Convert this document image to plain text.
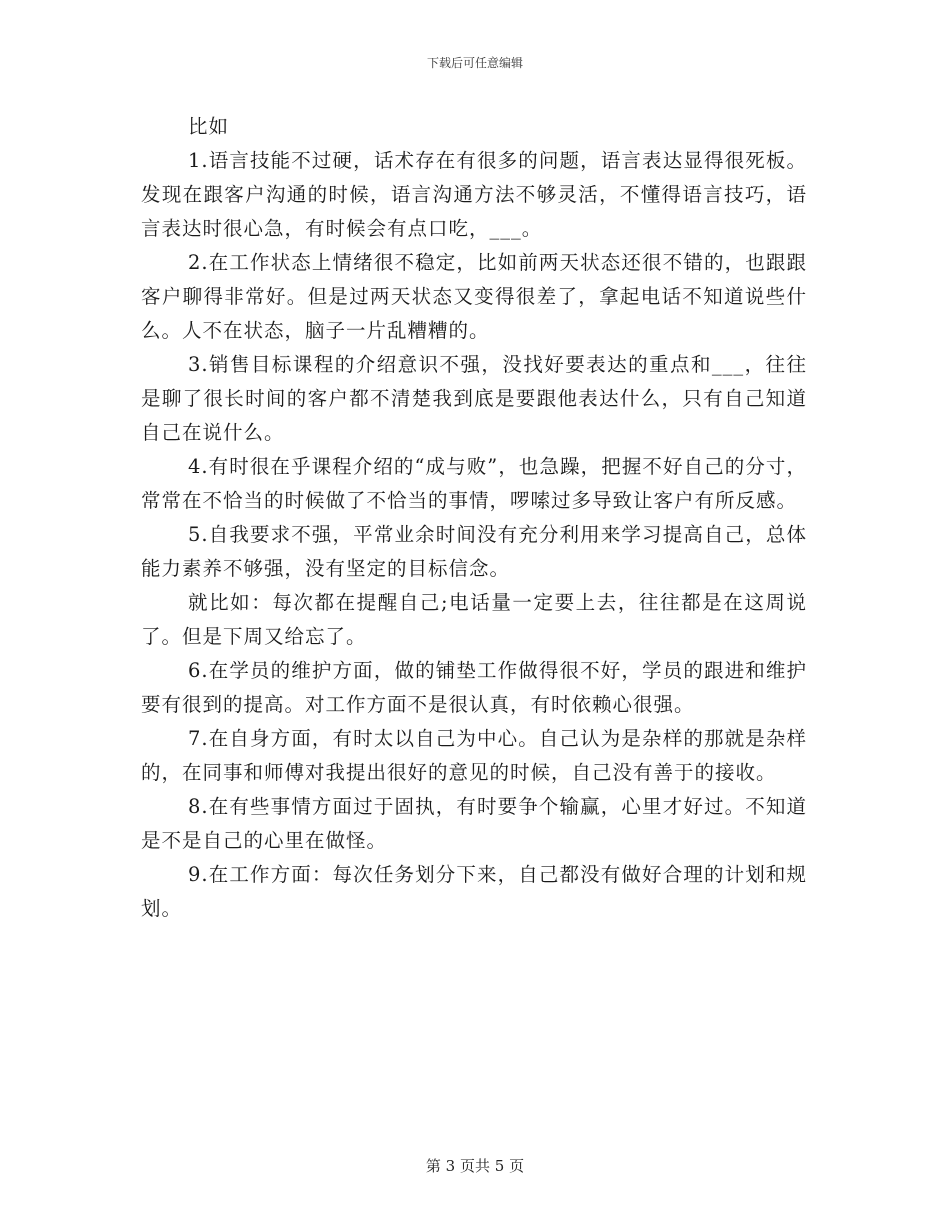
下载后可任意编辑

比如

1.语言技能不过硬，话术存在有很多的问题，语言表达显得很死板。发现在跟客户沟通的时候，语言沟通方法不够灵活，不懂得语言技巧，语言表达时很心急，有时候会有点口吃，___。

2.在工作状态上情绪很不稳定，比如前两天状态还很不错的，也跟跟客户聊得非常好。但是过两天状态又变得很差了，拿起电话不知道说些什么。人不在状态，脑子一片乱糟糟的。

3.销售目标课程的介绍意识不强，没找好要表达的重点和___，往往是聊了很长时间的客户都不清楚我到底是要跟他表达什么，只有自己知道自己在说什么。

4.有时很在乎课程介绍的“成与败”，也急躁，把握不好自己的分寸，常常在不恰当的时候做了不恰当的事情，啰嗦过多导致让客户有所反感。

5.自我要求不强，平常业余时间没有充分利用来学习提高自己，总体能力素养不够强，没有坚定的目标信念。

就比如：每次都在提醒自己;电话量一定要上去，往往都是在这周说了。但是下周又给忘了。

6.在学员的维护方面，做的铺垫工作做得很不好，学员的跟进和维护要有很到的提高。对工作方面不是很认真，有时依赖心很强。

7.在自身方面，有时太以自己为中心。自己认为是杂样的那就是杂样的，在同事和师傅对我提出很好的意见的时候，自己没有善于的接收。

8.在有些事情方面过于固执，有时要争个输赢，心里才好过。不知道是不是自己的心里在做怪。

9.在工作方面：每次任务划分下来，自己都没有做好合理的计划和规划。

第 3 页共 5 页
